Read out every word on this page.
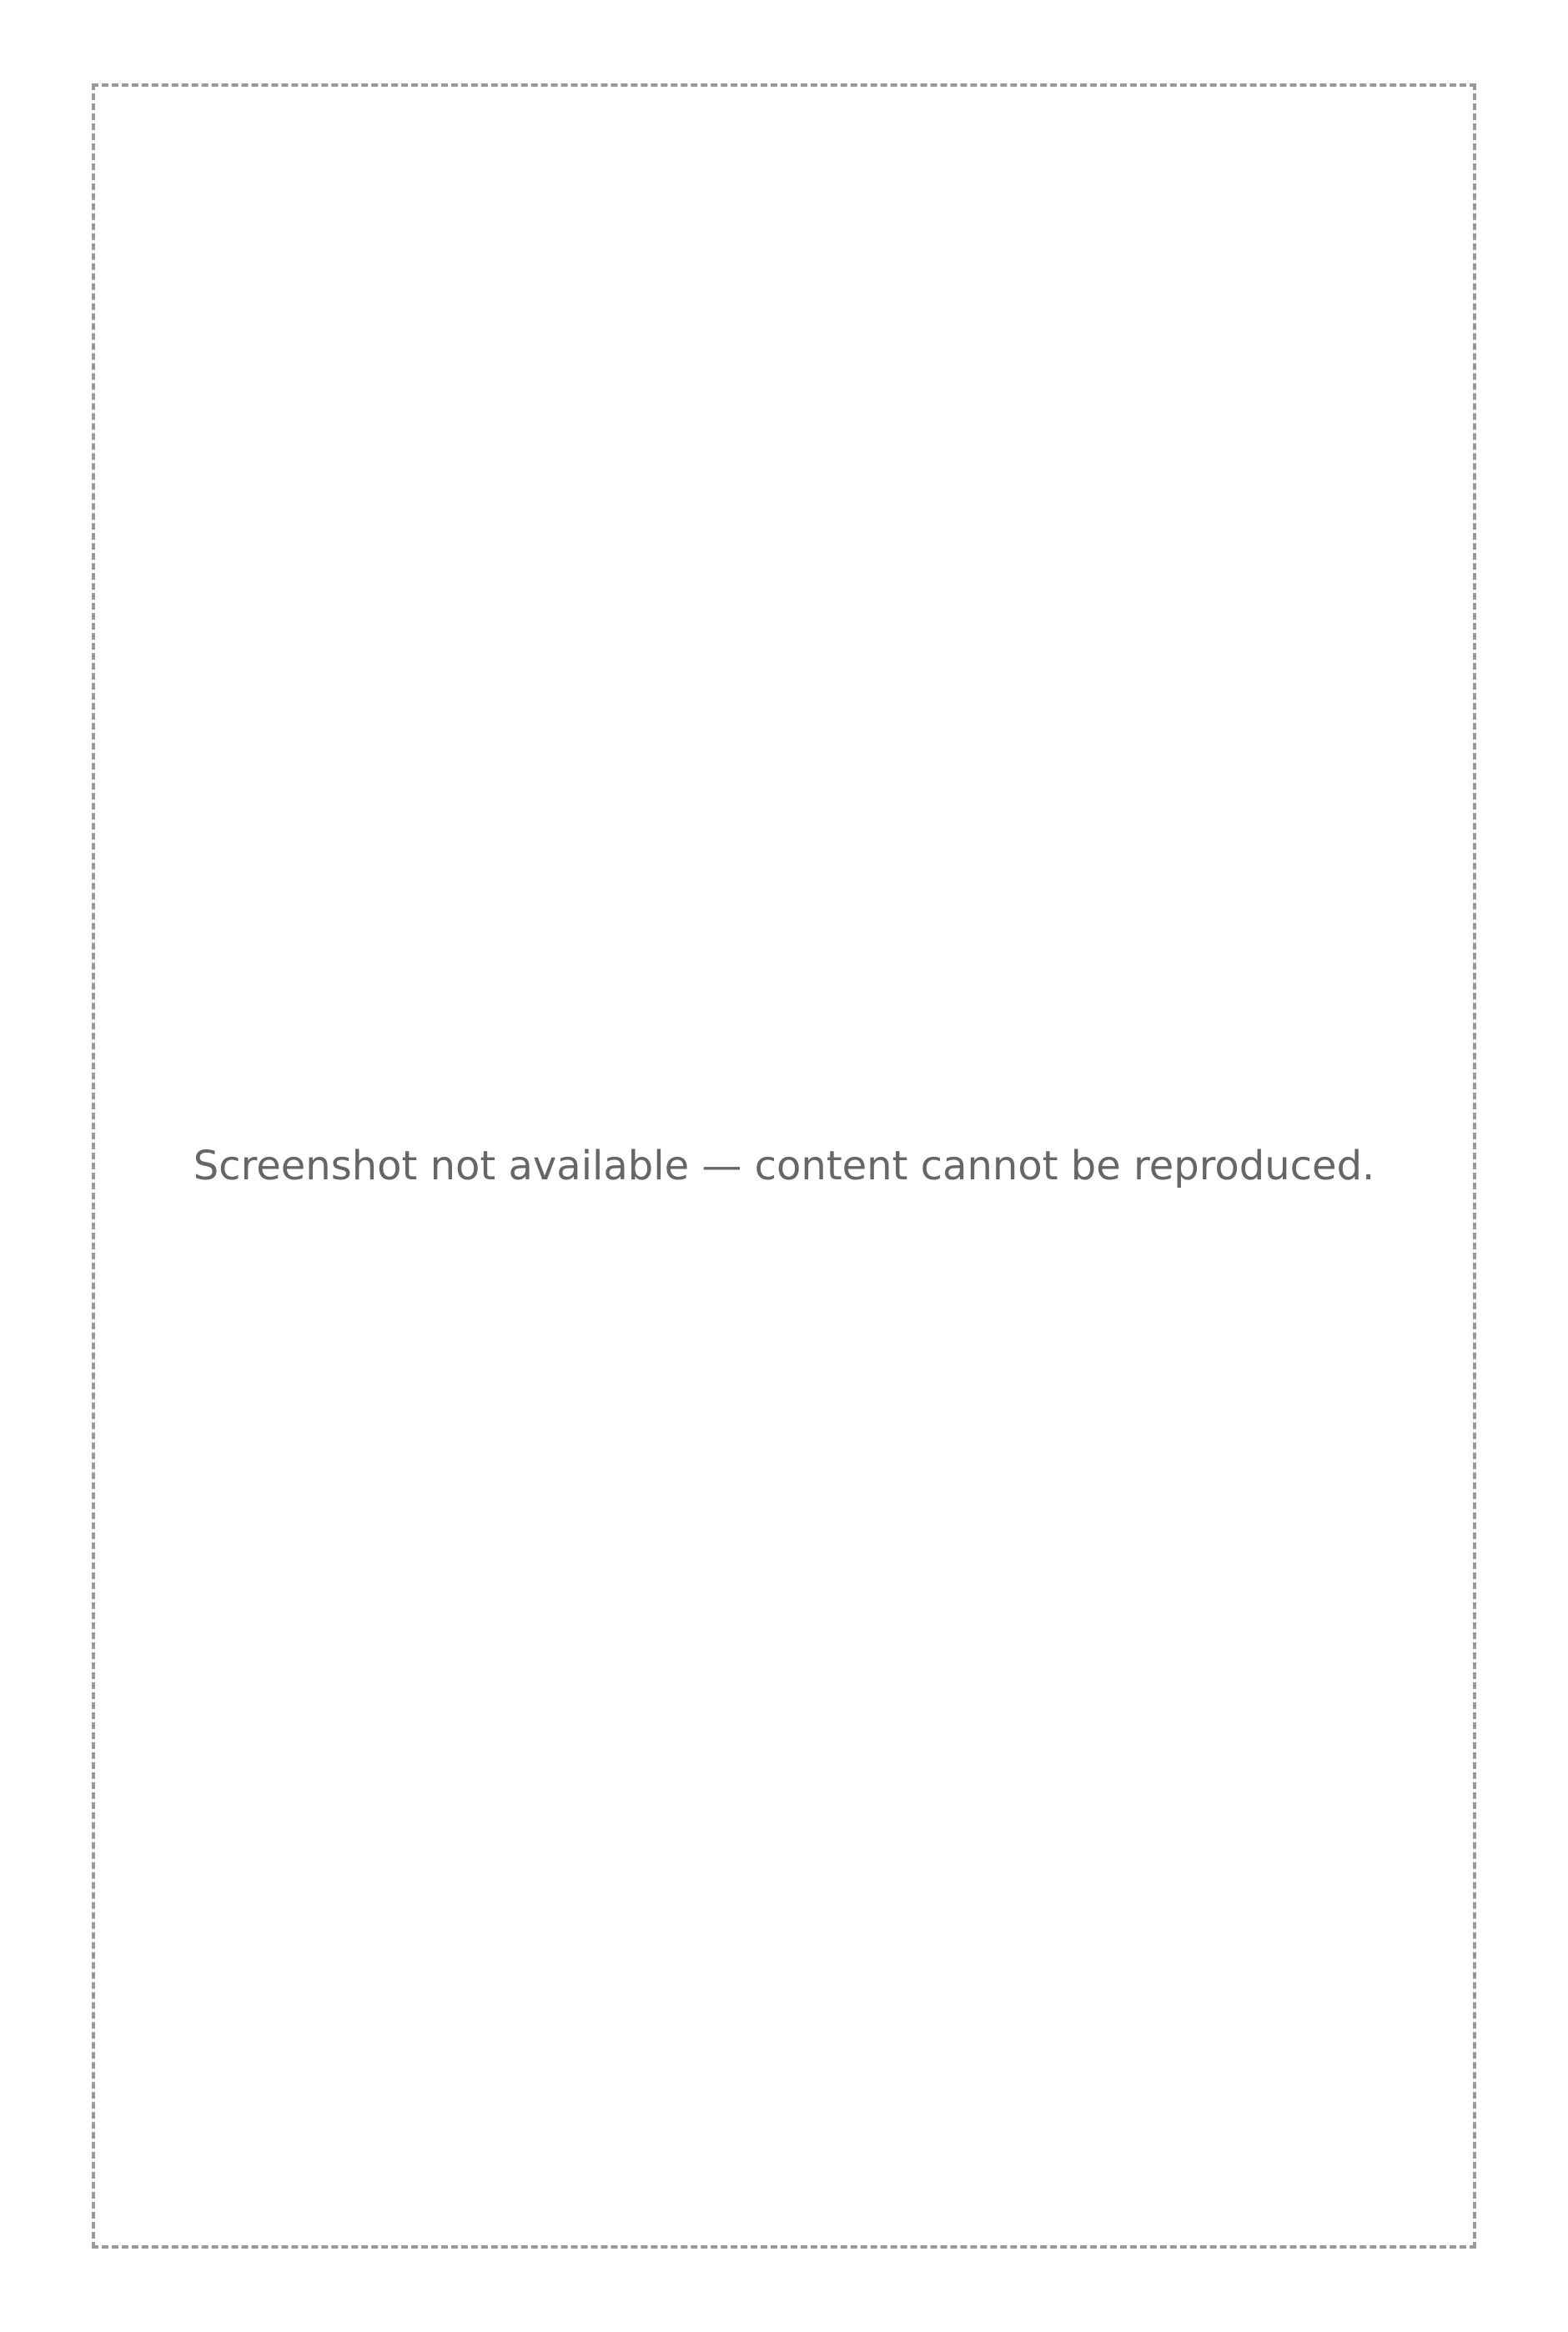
Screenshot not available — content cannot be reproduced.
